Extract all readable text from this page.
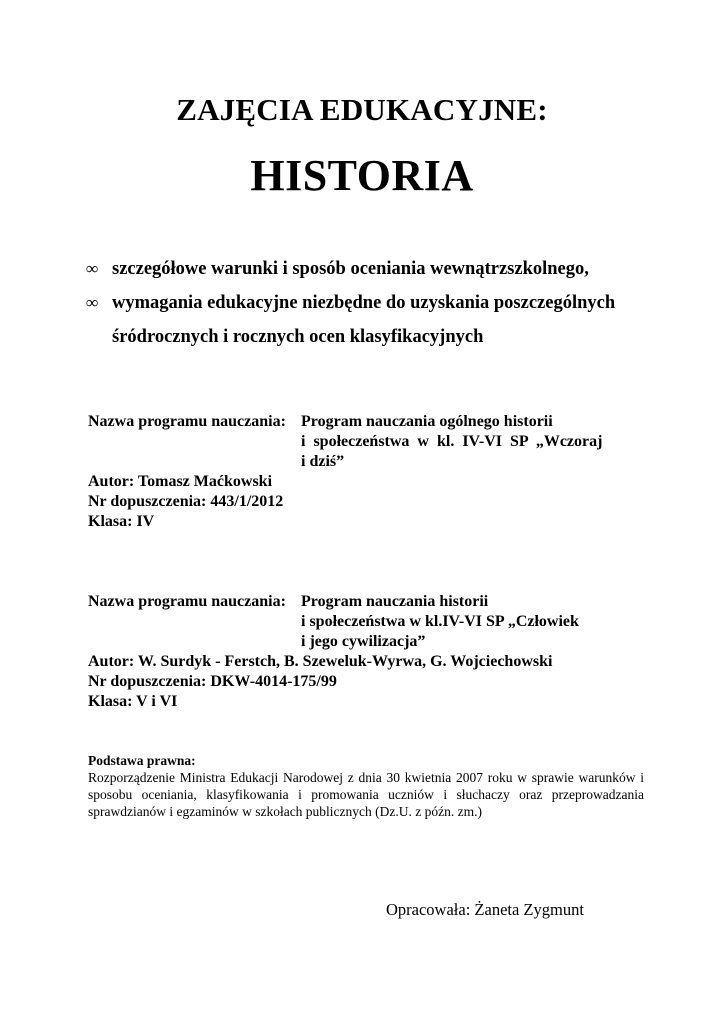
ZAJĘCIA EDUKACYJNE:
HISTORIA
∞ szczegółowe warunki i sposób oceniania wewnątrzszkolnego,
∞ wymagania edukacyjne niezbędne do uzyskania poszczególnych
śródrocznych i rocznych ocen klasyfikacyjnych
Nazwa programu nauczania: Program nauczania ogólnego historii
i społeczeństwa w kl. IV-VI SP „Wczoraj
i dziś”
Autor: Tomasz Maćkowski
Nr dopuszczenia: 443/1/2012
Klasa: IV
Nazwa programu nauczania: Program nauczania historii
i społeczeństwa w kl.IV-VI SP „Człowiek
i jego cywilizacja”
Autor: W. Surdyk - Ferstch, B. Szeweluk-Wyrwa, G. Wojciechowski
Nr dopuszczenia: DKW-4014-175/99
Klasa: V i VI
Podstawa prawna:
Rozporządzenie Ministra Edukacji Narodowej z dnia 30 kwietnia 2007 roku w sprawie warunków i sposobu oceniania, klasyfikowania i promowania uczniów i słuchaczy oraz przeprowadzania sprawdzianów i egzaminów w szkołach publicznych (Dz.U. z późn. zm.)
Opracowała: Żaneta Zygmunt
